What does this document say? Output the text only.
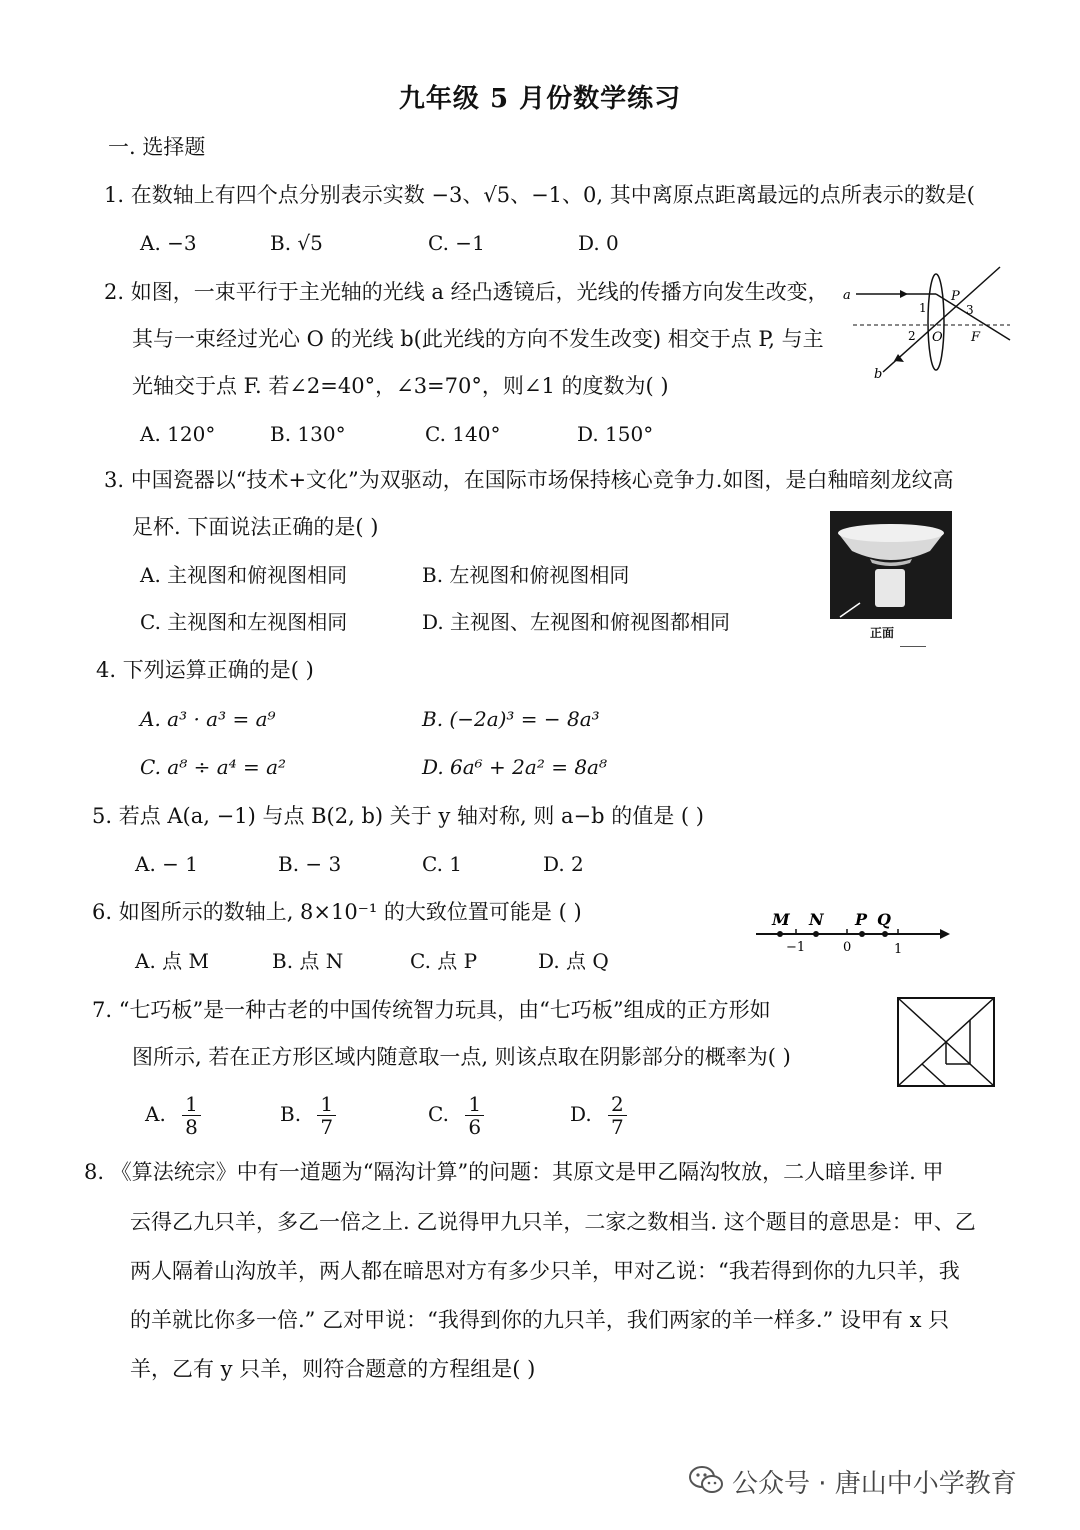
九年级 5 月份数学练习
一. 选择题
1. 在数轴上有四个点分别表示实数 −3、√5、−1、0, 其中离原点距离最远的点所表示的数是(
A. −3	B. √5	C. −1	D. 0
2. 如图，一束平行于主光轴的光线 a 经凸透镜后，光线的传播方向发生改变，
其与一束经过光心 O 的光线 b(此光线的方向不发生改变) 相交于点 P, 与主
光轴交于点 F. 若∠2=40°，∠3=70°，则∠1 的度数为( )
A. 120°	B. 130°	C. 140°	D. 150°
a
b
P
O F
1
2
3
3. 中国瓷器以“技术+文化”为双驱动，在国际市场保持核心竞争力.如图，是白釉暗刻龙纹高
足杯. 下面说法正确的是( )
A. 主视图和俯视图相同	B. 左视图和俯视图相同
C. 主视图和左视图相同	D. 主视图、左视图和俯视图都相同	正面
4. 下列运算正确的是( )
A. a³ · a³ = a⁹	B. (−2a)³ = − 8a³
C. a⁸ ÷ a⁴ = a²	D. 6a⁶ + 2a² = 8a⁸
5. 若点 A(a, −1) 与点 B(2, b) 关于 y 轴对称, 则 a−b 的值是 ( )
A. − 1	B. − 3	C. 1	D. 2
6. 如图所示的数轴上, 8×10⁻¹ 的大致位置可能是 ( )
A. 点 M	B. 点 N	C. 点 P	D. 点 Q
M N P Q
−1	0	1
7. “七巧板”是一种古老的中国传统智力玩具，由“七巧板”组成的正方形如
图所示, 若在正方形区域内随意取一点, 则该点取在阴影部分的概率为( )
A. $\frac{1}{8}$	B. $\frac{1}{7}$	C. $\frac{1}{6}$	D. $\frac{2}{7}$
8. 《算法统宗》中有一道题为“隔沟计算”的问题：其原文是甲乙隔沟牧放，二人暗里参详. 甲
云得乙九只羊，多乙一倍之上. 乙说得甲九只羊，二家之数相当. 这个题目的意思是：甲、乙
两人隔着山沟放羊，两人都在暗思对方有多少只羊，甲对乙说：“我若得到你的九只羊，我
的羊就比你多一倍.” 乙对甲说：“我得到你的九只羊，我们两家的羊一样多.” 设甲有 x 只
羊，乙有 y 只羊，则符合题意的方程组是( )
公众号 · 唐山中小学教育
